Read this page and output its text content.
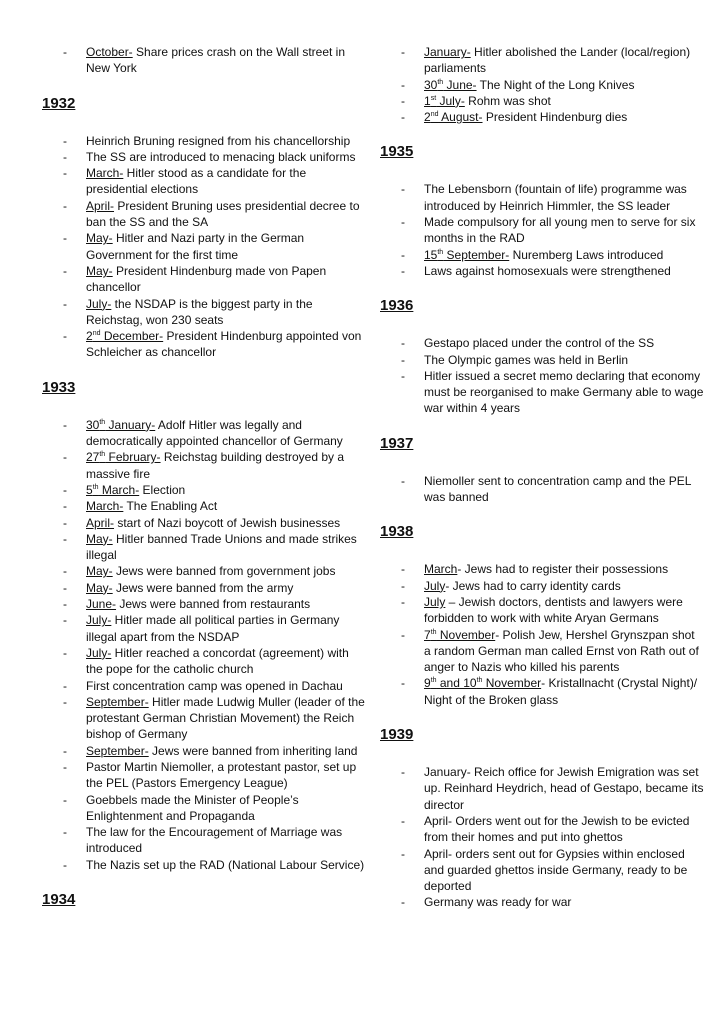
- October- Share prices crash on the Wall street in New York
1932
- Heinrich Bruning resigned from his chancellorship
- The SS are introduced to menacing black uniforms
- March- Hitler stood as a candidate for the presidential elections
- April- President Bruning uses presidential decree to ban the SS and the SA
- May- Hitler and Nazi party in the German Government for the first time
- May- President Hindenburg made von Papen chancellor
- July- the NSDAP is the biggest party in the Reichstag, won 230 seats
- 2nd December- President Hindenburg appointed von Schleicher as chancellor
1933
- 30th January- Adolf Hitler was legally and democratically appointed chancellor of Germany
- 27th February- Reichstag building destroyed by a massive fire
- 5th March- Election
- March- The Enabling Act
- April- start of Nazi boycott of Jewish businesses
- May- Hitler banned Trade Unions and made strikes illegal
- May- Jews were banned from government jobs
- May- Jews were banned from the army
- June- Jews were banned from restaurants
- July- Hitler made all political parties in Germany illegal apart from the NSDAP
- July- Hitler reached a concordat (agreement) with the pope for the catholic church
- First concentration camp was opened in Dachau
- September- Hitler made Ludwig Muller (leader of the protestant German Christian Movement) the Reich bishop of Germany
- September- Jews were banned from inheriting land
- Pastor Martin Niemoller, a protestant pastor, set up the PEL (Pastors Emergency League)
- Goebbels made the Minister of People’s Enlightenment and Propaganda
- The law for the Encouragement of Marriage was introduced
- The Nazis set up the RAD (National Labour Service)
1934
- January- Hitler abolished the Lander (local/region) parliaments
- 30th June- The Night of the Long Knives
- 1st July- Rohm was shot
- 2nd August- President Hindenburg dies
1935
- The Lebensborn (fountain of life) programme was introduced by Heinrich Himmler, the SS leader
- Made compulsory for all young men to serve for six months in the RAD
- 15th September- Nuremberg Laws introduced
- Laws against homosexuals were strengthened
1936
- Gestapo placed under the control of the SS
- The Olympic games was held in Berlin
- Hitler issued a secret memo declaring that economy must be reorganised to make Germany able to wage war within 4 years
1937
- Niemoller sent to concentration camp and the PEL was banned
1938
- March- Jews had to register their possessions
- July- Jews had to carry identity cards
- July – Jewish doctors, dentists and lawyers were forbidden to work with white Aryan Germans
- 7th November- Polish Jew, Hershel Grynszpan shot a random German man called Ernst von Rath out of anger to Nazis who killed his parents
- 9th and 10th November- Kristallnacht (Crystal Night)/ Night of the Broken glass
1939
- January- Reich office for Jewish Emigration was set up. Reinhard Heydrich, head of Gestapo, became its director
- April- Orders went out for the Jewish to be evicted from their homes and put into ghettos
- April- orders sent out for Gypsies within enclosed and guarded ghettos inside Germany, ready to be deported
- Germany was ready for war
